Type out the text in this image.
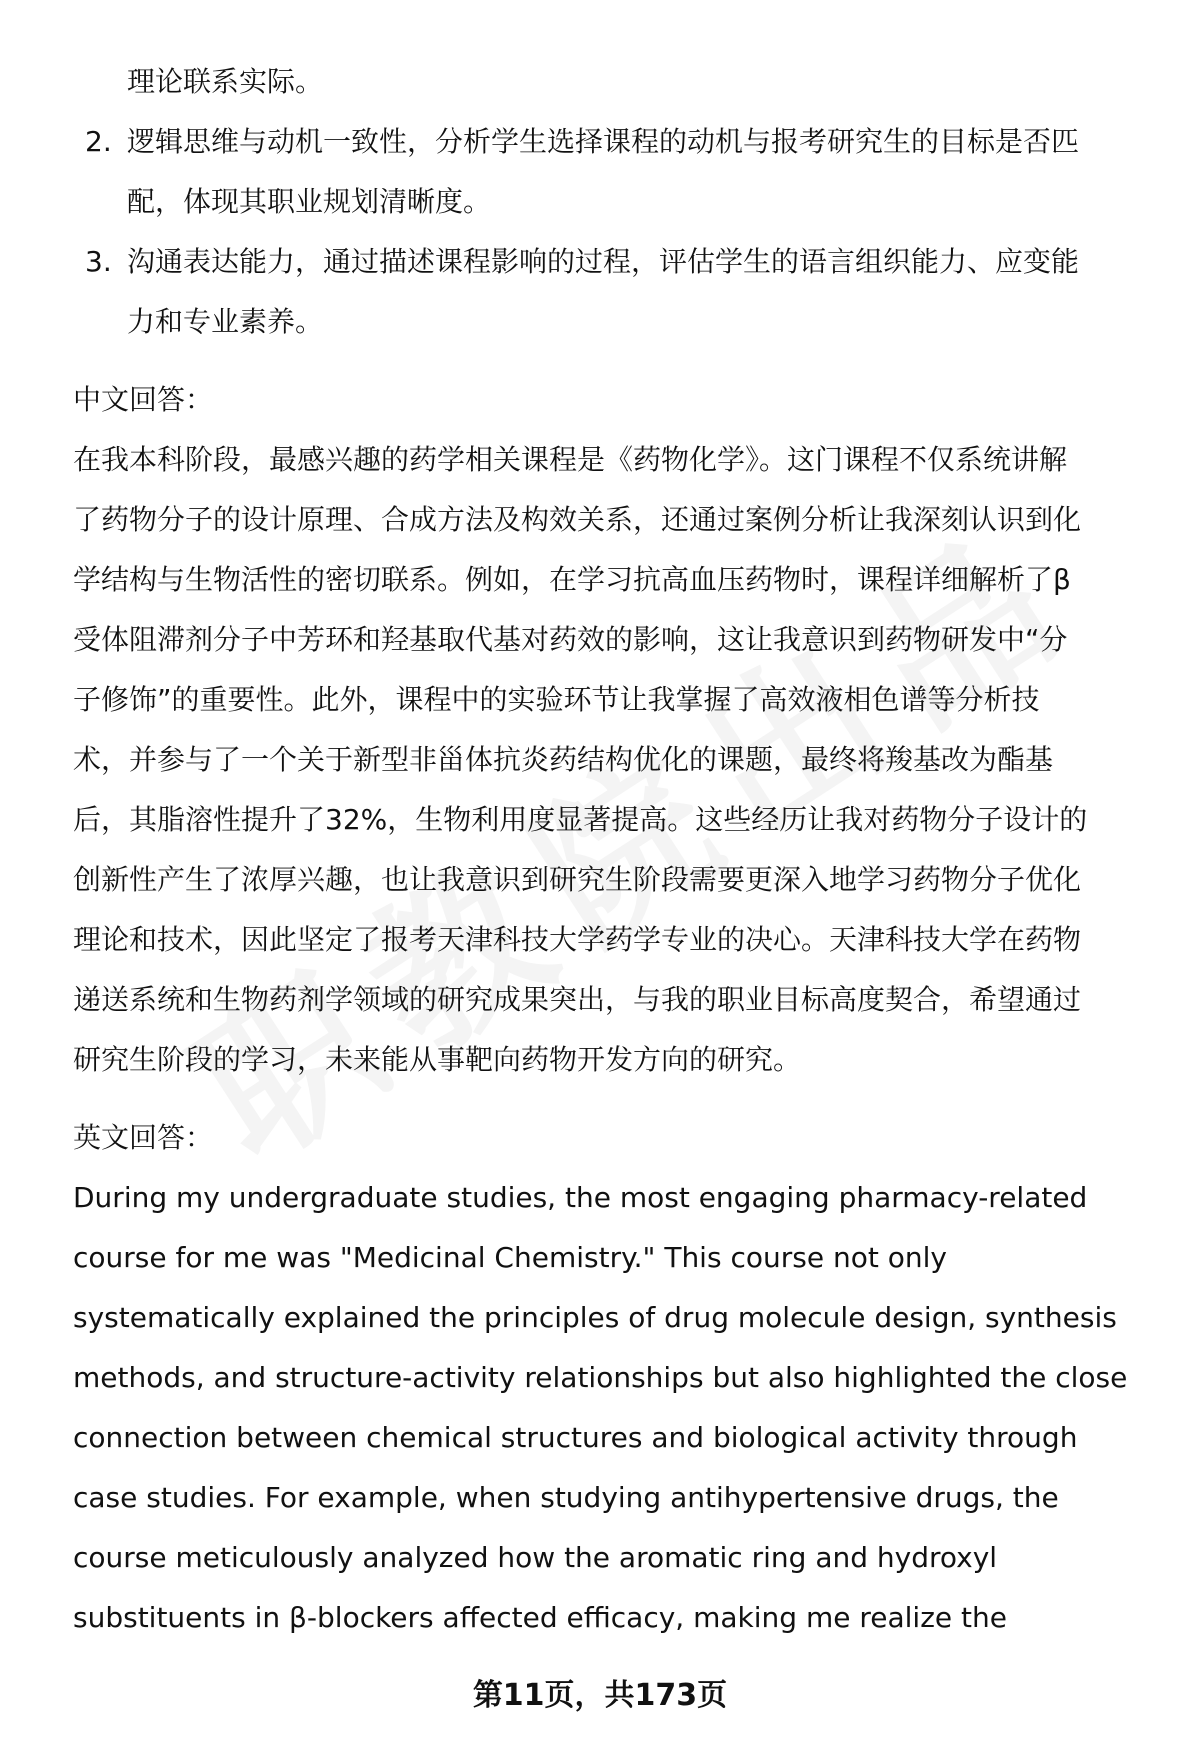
理论联系实际。
2. 逻辑思维与动机一致性，分析学生选择课程的动机与报考研究生的目标是否匹
配，体现其职业规划清晰度。
3. 沟通表达能力，通过描述课程影响的过程，评估学生的语言组织能力、应变能
力和专业素养。
中文回答：
在我本科阶段，最感兴趣的药学相关课程是《药物化学》。这门课程不仅系统讲解
了药物分子的设计原理、合成方法及构效关系，还通过案例分析让我深刻认识到化
学结构与生物活性的密切联系。例如，在学习抗高血压药物时，课程详细解析了β
受体阻滞剂分子中芳环和羟基取代基对药效的影响，这让我意识到药物研发中“分
子修饰”的重要性。此外，课程中的实验环节让我掌握了高效液相色谱等分析技
术，并参与了一个关于新型非甾体抗炎药结构优化的课题，最终将羧基改为酯基
后，其脂溶性提升了32%，生物利用度显著提高。这些经历让我对药物分子设计的
创新性产生了浓厚兴趣，也让我意识到研究生阶段需要更深入地学习药物分子优化
理论和技术，因此坚定了报考天津科技大学药学专业的决心。天津科技大学在药物
递送系统和生物药剂学领域的研究成果突出，与我的职业目标高度契合，希望通过
研究生阶段的学习，未来能从事靶向药物开发方向的研究。
英文回答：
During my undergraduate studies, the most engaging pharmacy-related
course for me was "Medicinal Chemistry." This course not only
systematically explained the principles of drug molecule design, synthesis
methods, and structure-activity relationships but also highlighted the close
connection between chemical structures and biological activity through
case studies. For example, when studying antihypertensive drugs, the
course meticulously analyzed how the aromatic ring and hydroxyl
substituents in β-blockers affected efficacy, making me realize the
第11页，共173页
